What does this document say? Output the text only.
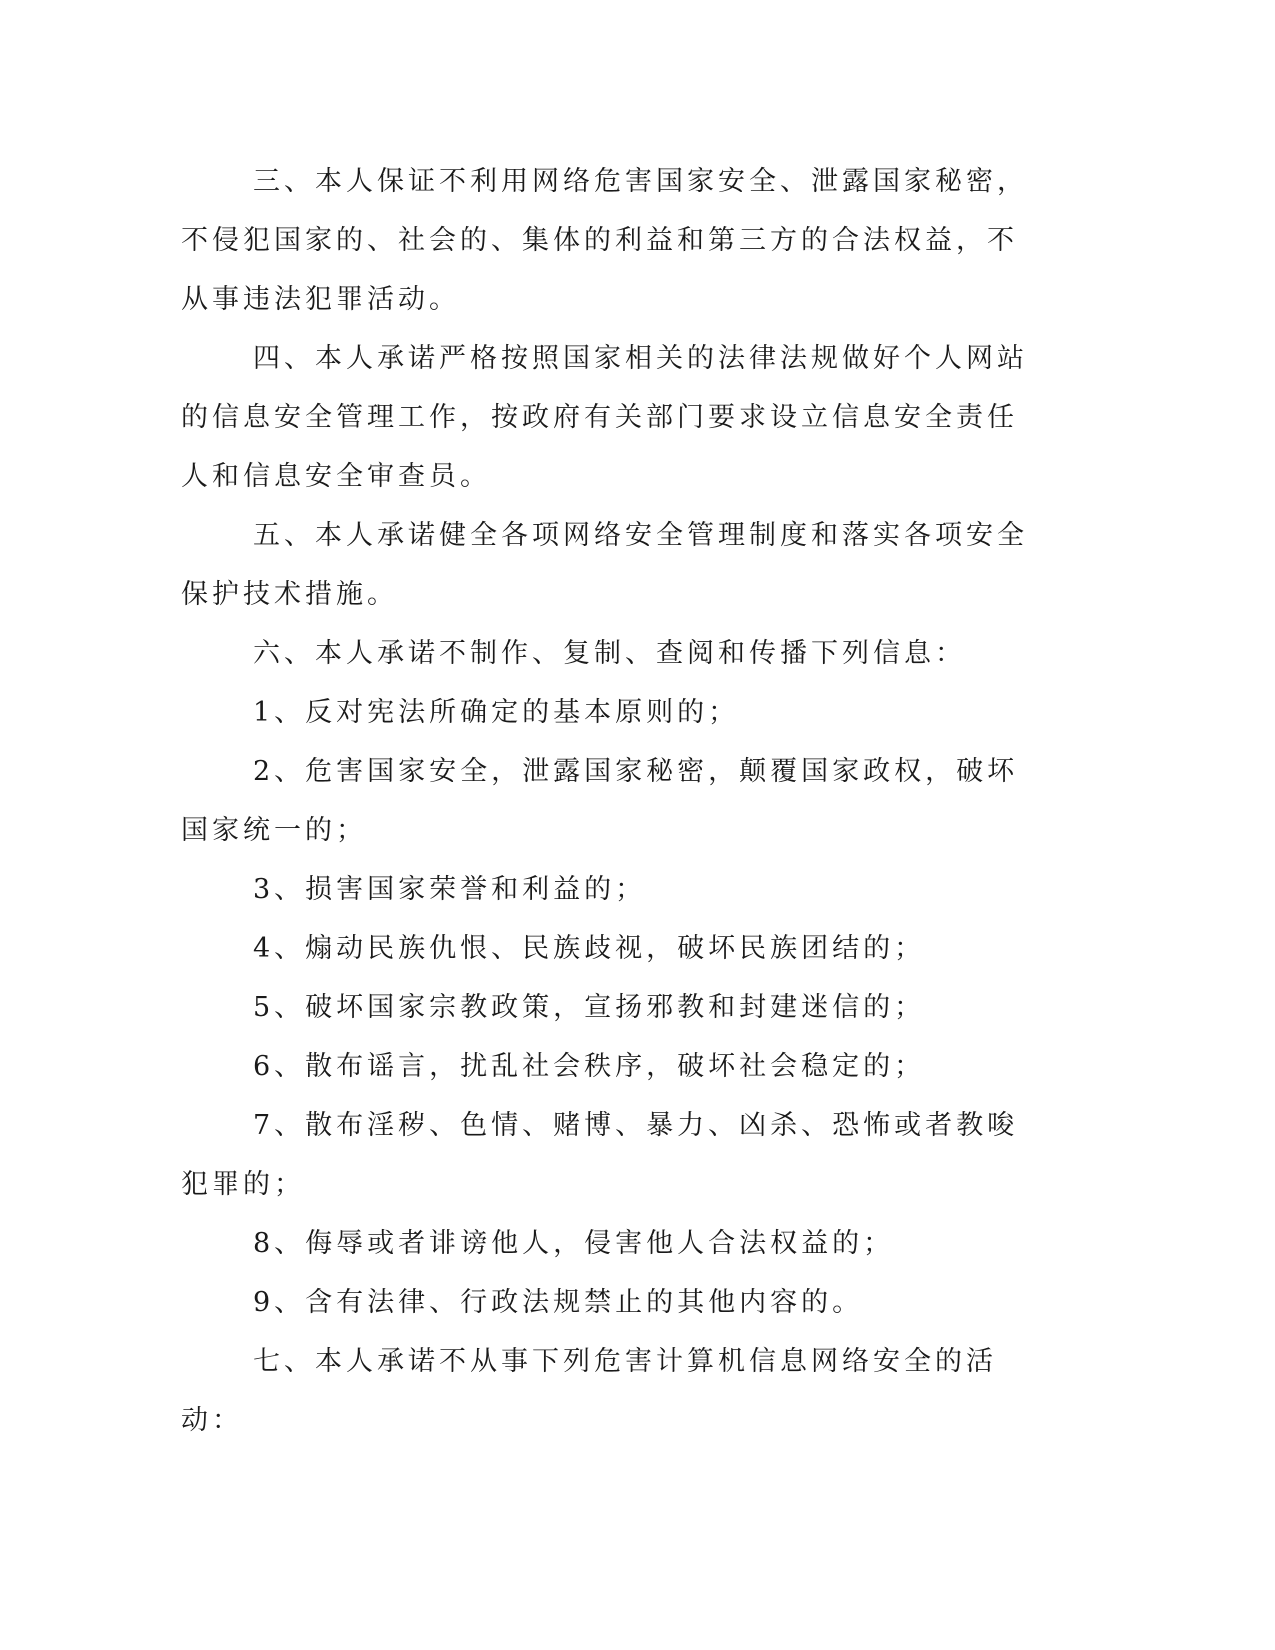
三、本人保证不利用网络危害国家安全、泄露国家秘密，不侵犯国家的、社会的、集体的利益和第三方的合法权益，不从事违法犯罪活动。

四、本人承诺严格按照国家相关的法律法规做好个人网站的信息安全管理工作，按政府有关部门要求设立信息安全责任人和信息安全审查员。

五、本人承诺健全各项网络安全管理制度和落实各项安全保护技术措施。

六、本人承诺不制作、复制、查阅和传播下列信息：

1、反对宪法所确定的基本原则的；

2、危害国家安全，泄露国家秘密，颠覆国家政权，破坏国家统一的；

3、损害国家荣誉和利益的；

4、煽动民族仇恨、民族歧视，破坏民族团结的；

5、破坏国家宗教政策，宣扬邪教和封建迷信的；

6、散布谣言，扰乱社会秩序，破坏社会稳定的；

7、散布淫秽、色情、赌博、暴力、凶杀、恐怖或者教唆犯罪的；

8、侮辱或者诽谤他人，侵害他人合法权益的；

9、含有法律、行政法规禁止的其他内容的。

七、本人承诺不从事下列危害计算机信息网络安全的活动：
